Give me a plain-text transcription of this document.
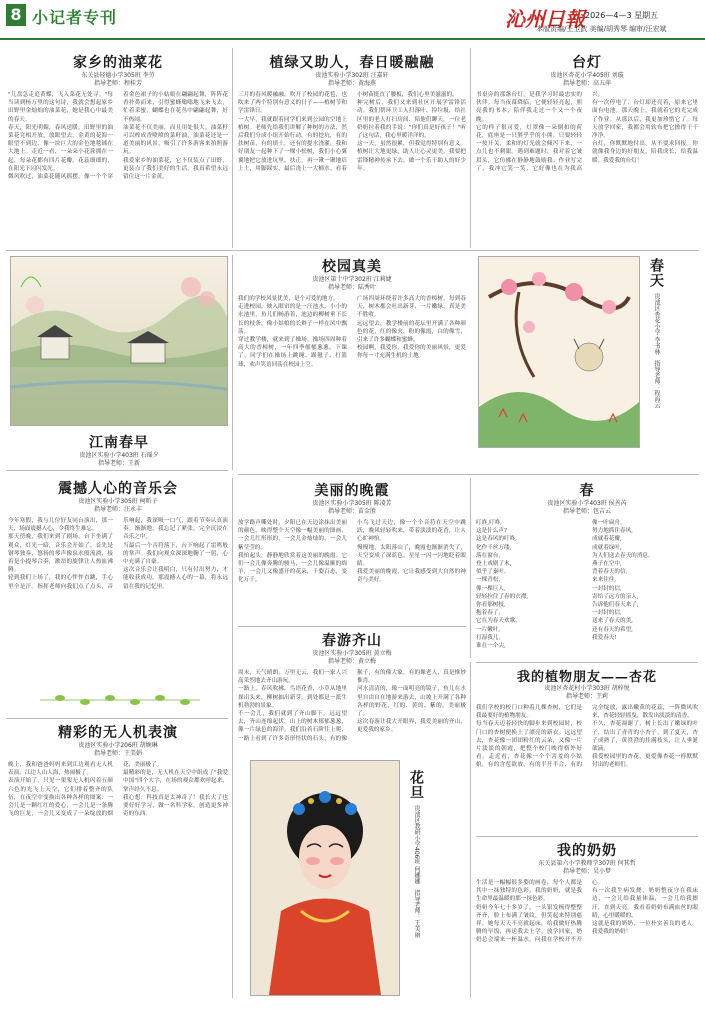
8 小记者专刊	沁州日報 2026—4—3 星期五
本版责编/王卫武 美编/胡秀琴 编审/汪宏斌
家乡的油菜花
东关县轻德小学305班 李劳
指导老师：程桂芳
"儿盘急走追黄蝶，飞入菜花无处寻。"每当读到杨万里的这句诗，我就会想起家乡田野里金灿灿的油菜花，她是我心中最美的春天。
春天，阳光明媚，春风送暖。田野里的油菜花竞相开放，放眼望去，金黄的花海一眼望不到边，像一块巨大的金色地毯铺在大地上。走近一看，一朵朵小花簇拥在一起，每朵花都有四片花瓣，花蕊细细的，在阳光下闪闪发光。
微风吹过，油菜花随风摇摆，像一个个穿着金色裙子的小姑娘在翩翩起舞，阵阵花香扑鼻而来，引得蜜蜂嗡嗡地飞来飞去，忙着采蜜，蝴蝶也在花丛中翩翩起舞，好不热闹。
油菜花不仅美丽，而且用处很大。油菜籽可以榨成香喷喷的菜籽油，油菜花还是一道美丽的风景，吸引了许多游客来拍照游玩。
我爱家乡的油菜花，它不仅装点了田野，更装点了我们美好的生活，我真希望永远留住这一片金黄。
植绿又助人，春日暖融融
贵池实验小学302班 汪嘉轩
指导老师：黄海燕
三月的春风暖融融，吹开了校园的花苞，也吹来了两个特别有意义的日子——植树节和学雷锋日。
一大早，我就跟着同学们来到公园的空地上植树。老师先给我们讲解了种树的方法，然后我们分成小组开始行动。有的挖坑，有的扶树苗，有的填土，还有的提水浇灌。我和好朋友一起种下了一棵小松树，我们小心翼翼地把它放进坑里，扶正，再一锹一锹地培上土，用脚踩实，最后浇上一大桶水。看着小树苗挺直了腰板，我们心里美滋滋的。
种完树后，我们又来到社区开展学雷锋活动。我们帮环卫工人扫落叶、捡垃圾，给社区里的老人打扫房间、陪他们聊天。一位老奶奶拉着我的手说："你们真是好孩子！"听了这句话，我心里暖洋洋的。
这一天，虽然很累，但我觉得特别有意义。植树让大地更绿，助人让心灵更美。我要把雷锋精神传承下去，做一个乐于助人的好少年。
台灯
贵池区杏花小学405班 刘璇
指导老师：高五萍
书桌旁的那盏台灯，是我学习时最忠实的伙伴。每当夜幕降临，它便轻轻亮起，照亮我的书本，陪伴我走过一个又一个夜晚。
它的样子很可爱，灯罩像一朵倒扣的荷花，底座是一只胖乎乎的小熊。只要轻轻一按开关，柔和的灯光就会倾泻下来，一点儿也不刺眼。遇到难题时，我对着它皱眉头，它仿佛在静静地鼓励我；作业写完了，我冲它笑一笑，它好像也在为我高兴。
有一次停电了，台灯却还亮着，原来它里面有电池。那天晚上，我就着它的光完成了作业。从那以后，我更加珍惜它了。每天放学回家，我都会用软布把它擦得干干净净。
台灯，你默默地付出，从不要求回报。你就像我身边的好朋友，陪我成长，给我温暖。我爱我的台灯！
江南春早
贵池区实验小学403班 石瑶夕
指导老师：王新
校园真美
贵池区第十中学302班 江莉婕
指导老师：陆秀叶
我们的学校风景优美，是个可爱的地方。
走进校园，映入眼帘的是一汪池水，小小的水池里，鱼儿们畅游着，池边的柳树垂下长长的枝条，像小姑娘的长辫子一样在风中飘荡。
穿过教学楼，就来到了操场。操场四周种着高大的香樟树，一年四季郁郁葱葱。下课了，同学们在操场上跳绳、踢毽子、打篮球，欢声笑语回荡在校园上空。
广场四周环绕着许多高大的香樟树，每到春天，树木都会吐出新芽，一片嫩绿，真是美不胜收。
远远望去，教学楼前的花坛里开满了各种颜色的花，红的像火，粉的像霞，白的像雪，引来了许多蝴蝶和蜜蜂。
校园啊，我爱你，我爱你的美丽风景，更爱你每一寸充满生机的土地。
春天 贵池区杏花小学 李书林 指导老师：程海云
震撼人心的音乐会
贵池区实验小学305班 柯昕子
指导老师：汪永丰
今年寒假，我与几位好友同台演出，那一天，场面震撼人心，令我终生难忘。
那天傍晚，我们来到了剧场，台下坐满了观众，灯光一暗，音乐会开始了。首先是钢琴独奏，悠扬的琴声像泉水般流淌，接着是小提琴合奏，激昂的旋律让人热血沸腾。
轮到我们上场了，我的心怦怦直跳，手心里全是汗。指挥老师向我们点了点头，音乐响起，我深吸一口气，跟着节奏认真演奏。渐渐地，我忘记了紧张，完全沉浸在音乐之中。
当最后一个音符落下，台下响起了雷鸣般的掌声。我们向观众深深地鞠了一躬，心中充满了自豪。
这次音乐会让我明白，只有付出努力，才能收获成功。那震撼人心的一幕，将永远留在我的记忆里。
美丽的晚霞
贵池区实验小学305班 陈凌芳
指导老师：苗金胜
放学路声嘶处时，夕阳已在天边涂抹出美丽的颜色，映得整个天空像一幅美丽的图画，一会儿红彤彤的，一会儿金灿灿的，一会儿紫莹莹的。
我抬起头，静静地欣赏着这美丽的晚霞。它们一会儿像奔腾的骏马，一会儿像温顺的绵羊，一会儿又像盛开的花朵，千姿百态，变化万千。
小鸟飞过天边，像一个个音符在天空中跳跃，晚风轻轻吹来，带着淡淡的花香，让人心旷神怡。
慢慢地，太阳落山了，晚霞也渐渐消失了，天空变成了深蓝色，星星一闪一闪地眨着眼睛。
我爱美丽的晚霞，它让我感受到大自然的神奇与美好。
春
贵池区实验小学403班 侯善芮
指导老师：包吉云
叮咚,叮咚,
这是什么声?
这是春风的叮咚,
化作千丝万缕,
落在窗台,
登上戏剧了木,
似乎了秦叶。
一棵青松,
像一棵巨人,
轻轻拉住了春的衣襟,
你看那树枝,
抱着春了,
它在为春天欢歌。
一片嫩叶,
打湿我儿,
谁在一个尖,
像一叶扁舟。
努力地抓住春风,
成就着花瓣,
成就着绿叶,
为人们送去春天的消息。
燕子在空中,
背着春天的信,
来来往往,
一封封的信,
寄给了远方的亲人,
告诉他们春天来了,
一封封的信,
送来了春天的美,
还有春天的希望,
我爱春天!
春游齐山
贵池区实验小学305班 黄立梅
指导老师：黄立梅
周末，天气晴朗，万里无云，我们一家人兴高采烈地去齐山游玩。
一路上，春风吹拂，鸟语花香，小草从地里探出头来，柳树抽出新芽，到处都是一派生机勃勃的景象。
不一会儿，我们就到了齐山脚下。远远望去，齐山连绵起伏，山上的树木郁郁葱葱，像一片绿色的海洋。我们沿着石阶往上爬，一路上看到了许多奇形怪状的石头，有的像猴子，有的像大象，有的像老人，真是惟妙惟肖。
河水清清的，像一面明亮的镜子，鱼儿在水里自由自在地游来游去，山坡上开满了各种各样的野花，红的、黄的、紫的，美丽极了。
这次春游让我大开眼界，我爱美丽的齐山，更爱我的家乡。
我的植物朋友——杏花
贵池区杏花村小学303班 胡梓悦
指导老师：王莉
我们学校的校门口种着几棵杏树，它们是我最要好的植物朋友。
每当春天迈着轻快的脚步来到校园时，校门口的杏树便换上了漂亮的新衣。远远望去，杏花像一团团粉红的云朵，又像一片片淡淡的朝霞，把整个校门映得格外好看。走近看，杏花像一个个害羞的小姑娘，有的含苞欲放，有的半开半合，有的完全绽放，露出嫩黄的花蕊，一阵微风吹来，杏花轻轻摇曳，散发出淡淡的清香。
不久，杏花凋谢了，树上长出了嫩绿的叶子，结出了青青的小杏子。到了夏天，杏子成熟了，黄澄澄的挂满枝头，让人垂涎欲滴。
我爱校园里的杏花，更爱像杏花一样默默付出的老师们。
精彩的无人机表演
贵池区实验小学206班 胡婉琳
指导老师：王美娟
晚上，我和爸爸妈妈来到江边观看无人机表演。江边人山人海，热闹极了。
表演开始了，只见一架架无人机闪着五颜六色的光飞上天空，它们排着整齐的队伍，在夜空中变换出各种各样的图案：一会儿是一颗红红的爱心，一会儿是一条腾飞的巨龙，一会儿又变成了一朵绽放的烟花，美丽极了。
最精彩的是，无人机在天空中组成了"我爱中国"四个大字，在场的观众都欢呼起来，掌声经久不息。
我心想：科技真是太神奇了！我长大了也要好好学习，做一名科学家，创造更多神奇的东西。
花旦 贵池区教研小学406班 何娜娜 指导老师：王美丽
我的奶奶
东关县第六小学教师学307班 何其哲
指导老师：吴小梦
生活是一幅幅很多姿的画卷，每个人都是其中一抹独特的色彩。我的奶奶，就是我生命里最温暖的那一抹色彩。
奶奶今年七十多岁了，一头银发梳得整整齐齐，脸上布满了皱纹，但笑起来特别慈祥。她每天天不亮就起床，给我做好热腾腾的早饭，再送我去上学。放学回家，奶奶总会端来一杯温水，问我在学校开不开心。
有一次我生病发烧，奶奶整夜守在我床边，一会儿给我量体温，一会儿给我擦汗，直到天亮。我看着奶奶布满血丝的眼睛，心里暖暖的。
这就是我的奶奶，一位朴实善良的老人。我爱我的奶奶！
